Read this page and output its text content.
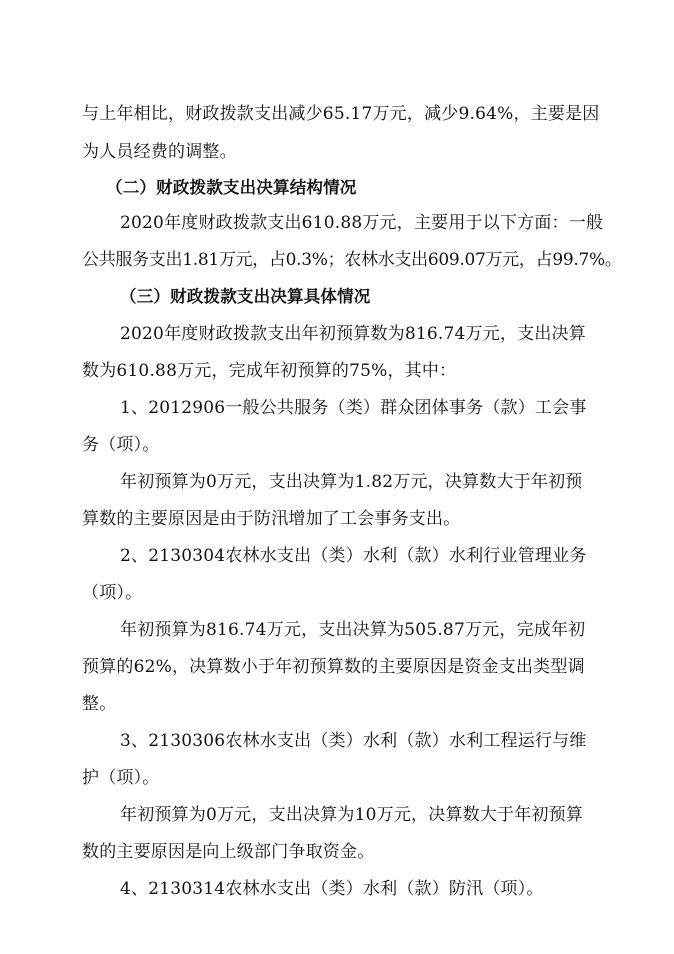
与上年相比，财政拨款支出减少65.17万元，减少9.64%，主要是因
为人员经费的调整。
（二）财政拨款支出决算结构情况
2020年度财政拨款支出610.88万元，主要用于以下方面：一般
公共服务支出1.81万元，占0.3%；农林水支出609.07万元，占99.7%。
（三）财政拨款支出决算具体情况
2020年度财政拨款支出年初预算数为816.74万元，支出决算
数为610.88万元，完成年初预算的75%，其中：
1、2012906一般公共服务（类）群众团体事务（款）工会事
务（项）。
年初预算为0万元，支出决算为1.82万元，决算数大于年初预
算数的主要原因是由于防汛增加了工会事务支出。
2、2130304农林水支出（类）水利（款）水利行业管理业务
（项）。
年初预算为816.74万元，支出决算为505.87万元，完成年初
预算的62%，决算数小于年初预算数的主要原因是资金支出类型调
整。
3、2130306农林水支出（类）水利（款）水利工程运行与维
护（项）。
年初预算为0万元，支出决算为10万元，决算数大于年初预算
数的主要原因是向上级部门争取资金。
4、2130314农林水支出（类）水利（款）防汛（项）。
